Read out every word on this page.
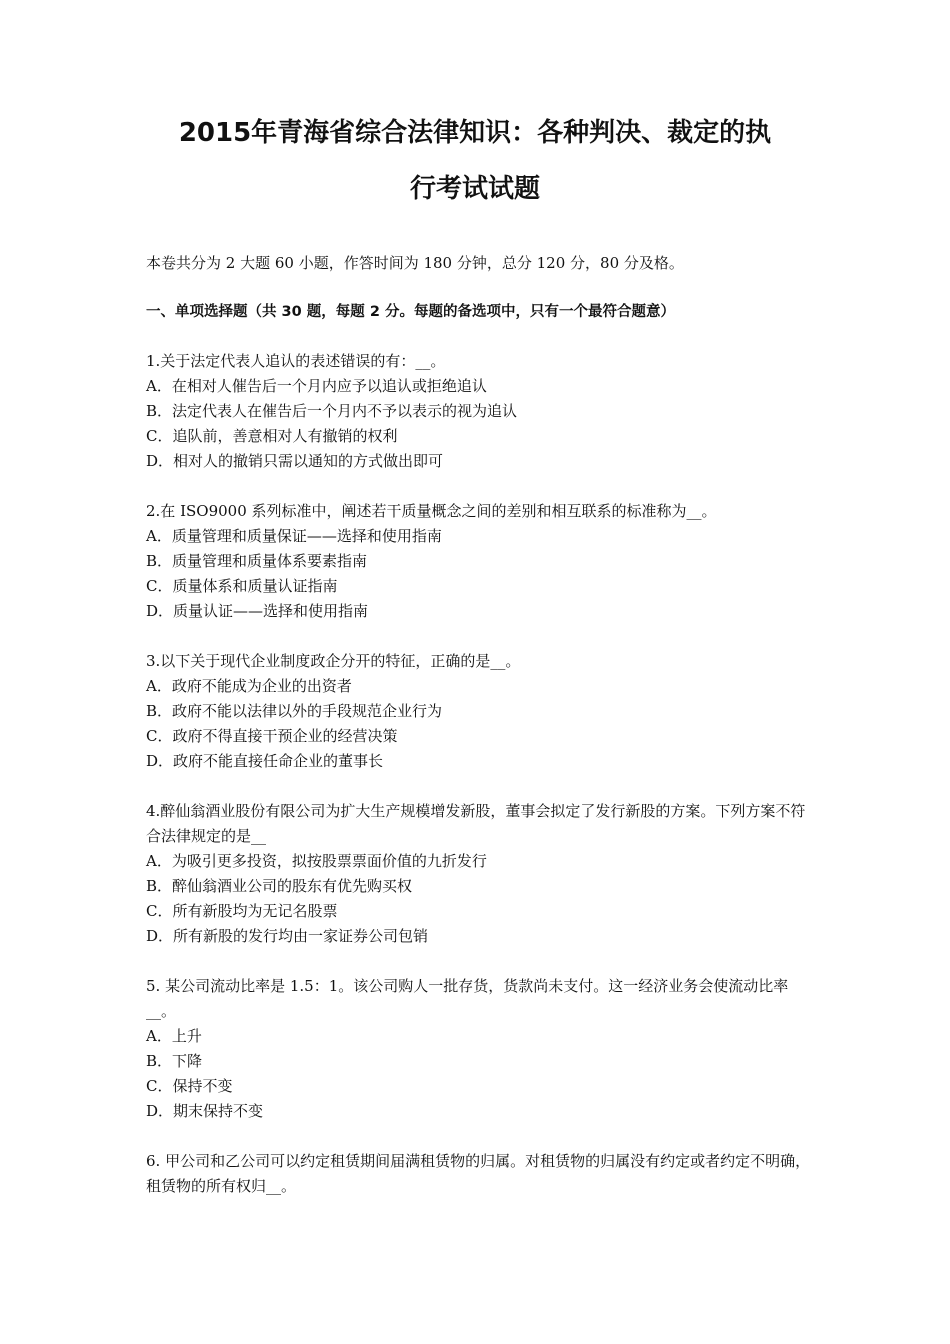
2015年青海省综合法律知识：各种判决、裁定的执
行考试试题

本卷共分为 2 大题 60 小题，作答时间为 180 分钟，总分 120 分，80 分及格。

一、单项选择题（共 30 题，每题 2 分。每题的备选项中，只有一个最符合题意）

1.关于法定代表人追认的表述错误的有：__。

A．在相对人催告后一个月内应予以追认或拒绝追认

B．法定代表人在催告后一个月内不予以表示的视为追认

C．追队前，善意相对人有撤销的权利

D．相对人的撤销只需以通知的方式做出即可

2.在 ISO9000 系列标准中，阐述若干质量概念之间的差别和相互联系的标准称为__。

A．质量管理和质量保证——选择和使用指南

B．质量管理和质量体系要素指南

C．质量体系和质量认证指南

D．质量认证——选择和使用指南

3.以下关于现代企业制度政企分开的特征，正确的是__。

A．政府不能成为企业的出资者

B．政府不能以法律以外的手段规范企业行为

C．政府不得直接干预企业的经营决策

D．政府不能直接任命企业的董事长

4.醉仙翁酒业股份有限公司为扩大生产规模增发新股，董事会拟定了发行新股的方案。下列方案不符合法律规定的是__

A．为吸引更多投资，拟按股票票面价值的九折发行

B．醉仙翁酒业公司的股东有优先购买权

C．所有新股均为无记名股票

D．所有新股的发行均由一家证券公司包销

5. 某公司流动比率是 1.5：1。该公司购人一批存货，货款尚未支付。这一经济业务会使流动比率__。

A．上升

B．下降

C．保持不变

D．期末保持不变

6. 甲公司和乙公司可以约定租赁期间届满租赁物的归属。对租赁物的归属没有约定或者约定不明确，租赁物的所有权归__。
